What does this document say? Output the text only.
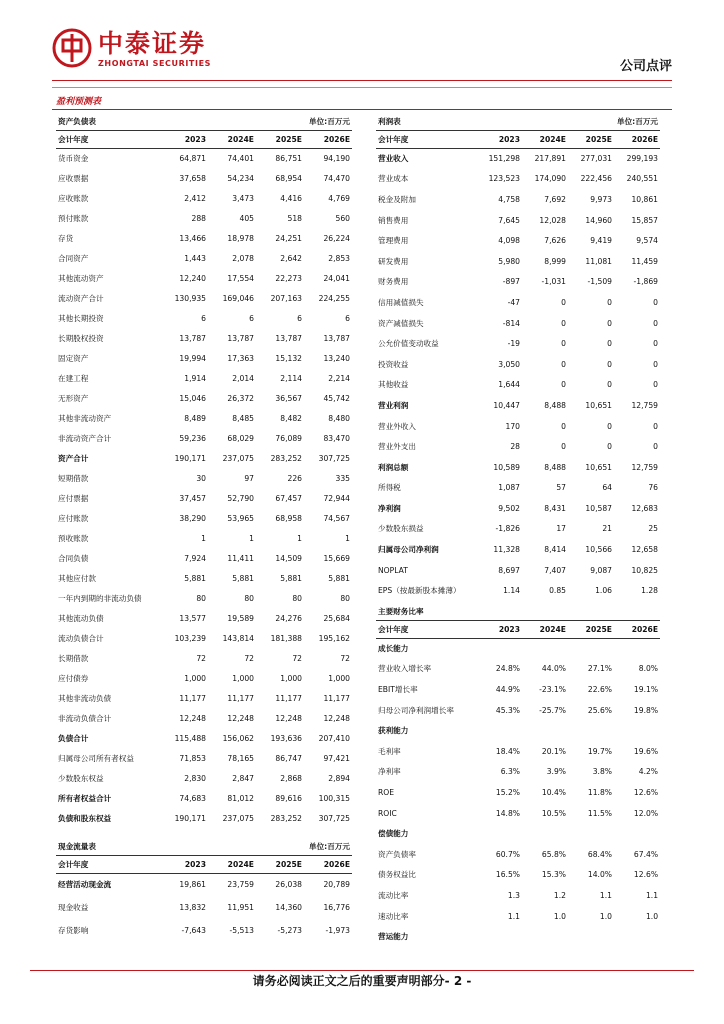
中泰证券
ZHONGTAI SECURITIES	公司点评
盈利预测表
资产负债表	单位:百万元			
会计年度	2023	2024E	2025E	2026E
货币资金	64,871	74,401	86,751	94,190
应收票据	37,658	54,234	68,954	74,470
应收账款	2,412	3,473	4,416	4,769
预付账款	288	405	518	560
存货	13,466	18,978	24,251	26,224
合同资产	1,443	2,078	2,642	2,853
其他流动资产	12,240	17,554	22,273	24,041
流动资产合计	130,935	169,046	207,163	224,255
其他长期投资	6	6	6	6
长期股权投资	13,787	13,787	13,787	13,787
固定资产	19,994	17,363	15,132	13,240
在建工程	1,914	2,014	2,114	2,214
无形资产	15,046	26,372	36,567	45,742
其他非流动资产	8,489	8,485	8,482	8,480
非流动资产合计	59,236	68,029	76,089	83,470
资产合计	190,171	237,075	283,252	307,725
短期借款	30	97	226	335
应付票据	37,457	52,790	67,457	72,944
应付账款	38,290	53,965	68,958	74,567
预收账款	1	1	1	1
合同负债	7,924	11,411	14,509	15,669
其他应付款	5,881	5,881	5,881	5,881
一年内到期的非流动负债	80	80	80	80
其他流动负债	13,577	19,589	24,276	25,684
流动负债合计	103,239	143,814	181,388	195,162
长期借款	72	72	72	72
应付债券	1,000	1,000	1,000	1,000
其他非流动负债	11,177	11,177	11,177	11,177
非流动负债合计	12,248	12,248	12,248	12,248
负债合计	115,488	156,062	193,636	207,410
归属母公司所有者权益	71,853	78,165	86,747	97,421
少数股东权益	2,830	2,847	2,868	2,894
所有者权益合计	74,683	81,012	89,616	100,315
负债和股东权益	190,171	237,075	283,252	307,725
利润表	单位:百万元			
会计年度	2023	2024E	2025E	2026E
营业收入	151,298	217,891	277,031	299,193
营业成本	123,523	174,090	222,456	240,551
税金及附加	4,758	7,692	9,973	10,861
销售费用	7,645	12,028	14,960	15,857
管理费用	4,098	7,626	9,419	9,574
研发费用	5,980	8,999	11,081	11,459
财务费用	-897	-1,031	-1,509	-1,869
信用减值损失	-47	0	0	0
资产减值损失	-814	0	0	0
公允价值变动收益	-19	0	0	0
投资收益	3,050	0	0	0
其他收益	1,644	0	0	0
营业利润	10,447	8,488	10,651	12,759
营业外收入	170	0	0	0
营业外支出	28	0	0	0
利润总额	10,589	8,488	10,651	12,759
所得税	1,087	57	64	76
净利润	9,502	8,431	10,587	12,683
少数股东损益	-1,826	17	21	25
归属母公司净利润	11,328	8,414	10,566	12,658
NOPLAT	8,697	7,407	9,087	10,825
EPS（按最新股本摊薄）	1.14	0.85	1.06	1.28
主要财务比率				
会计年度	2023	2024E	2025E	2026E
成长能力				
营业收入增长率	24.8%	44.0%	27.1%	8.0%
EBIT增长率	44.9%	-23.1%	22.6%	19.1%
归母公司净利润增长率	45.3%	-25.7%	25.6%	19.8%
获利能力				
毛利率	18.4%	20.1%	19.7%	19.6%
净利率	6.3%	3.9%	3.8%	4.2%
ROE	15.2%	10.4%	11.8%	12.6%
ROIC	14.8%	10.5%	11.5%	12.0%
偿债能力				
资产负债率	60.7%	65.8%	68.4%	67.4%
债务权益比	16.5%	15.3%	14.0%	12.6%
流动比率	1.3	1.2	1.1	1.1
速动比率	1.1	1.0	1.0	1.0
营运能力				
现金流量表	单位:百万元			
会计年度	2023	2024E	2025E	2026E
经营活动现金流	19,861	23,759	26,038	20,789
现金收益	13,832	11,951	14,360	16,776
存货影响	-7,643	-5,513	-5,273	-1,973
请务必阅读正文之后的重要声明部分- 2 -
